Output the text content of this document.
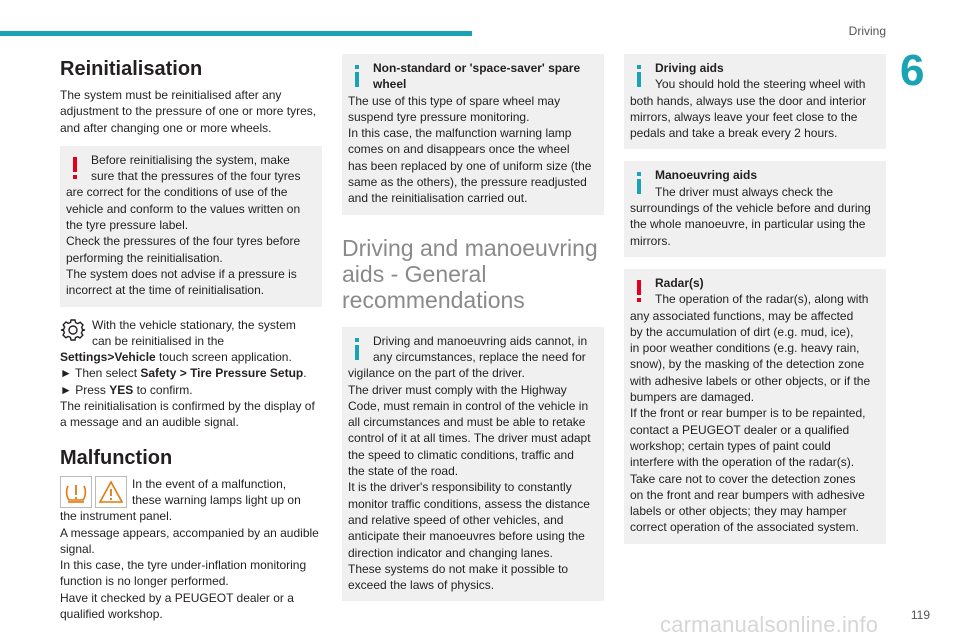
Driving
6
119
carmanualsonline.info
Reinitialisation
The system must be reinitialised after any
adjustment to the pressure of one or more tyres,
and after changing one or more wheels.
Before reinitialising the system, make
sure that the pressures of the four tyres
are correct for the conditions of use of the
vehicle and conform to the values written on
the tyre pressure label.
Check the pressures of the four tyres before
performing the reinitialisation.
The system does not advise if a pressure is
incorrect at the time of reinitialisation.
With the vehicle stationary, the system
can be reinitialised in the

Settings>Vehicle touch screen application.

► Then select Safety > Tire Pressure Setup.

► Press YES to confirm.

The reinitialisation is confirmed by the display of
a message and an audible signal.
Malfunction
In the event of a malfunction,
these warning lamps light up on
the instrument panel.
A message appears, accompanied by an audible
signal.
In this case, the tyre under-inflation monitoring
function is no longer performed.
Have it checked by a PEUGEOT dealer or a
qualified workshop.
Non-standard or 'space-saver' spare
wheel
The use of this type of spare wheel may
suspend tyre pressure monitoring.
In this case, the malfunction warning lamp
comes on and disappears once the wheel
has been replaced by one of uniform size (the
same as the others), the pressure readjusted
and the reinitialisation carried out.
Driving and manoeuvring
aids - General
recommendations
Driving and manoeuvring aids cannot, in
any circumstances, replace the need for
vigilance on the part of the driver.
The driver must comply with the Highway
Code, must remain in control of the vehicle in
all circumstances and must be able to retake
control of it at all times. The driver must adapt
the speed to climatic conditions, traffic and
the state of the road.
It is the driver's responsibility to constantly
monitor traffic conditions, assess the distance
and relative speed of other vehicles, and
anticipate their manoeuvres before using the
direction indicator and changing lanes.
These systems do not make it possible to
exceed the laws of physics.
Driving aids
You should hold the steering wheel with
both hands, always use the door and interior
mirrors, always leave your feet close to the
pedals and take a break every 2 hours.
Manoeuvring aids
The driver must always check the
surroundings of the vehicle before and during
the whole manoeuvre, in particular using the
mirrors.
Radar(s)
The operation of the radar(s), along with
any associated functions, may be affected
by the accumulation of dirt (e.g. mud, ice),
in poor weather conditions (e.g. heavy rain,
snow), by the masking of the detection zone
with adhesive labels or other objects, or if the
bumpers are damaged.
If the front or rear bumper is to be repainted,
contact a PEUGEOT dealer or a qualified
workshop; certain types of paint could
interfere with the operation of the radar(s).
Take care not to cover the detection zones
on the front and rear bumpers with adhesive
labels or other objects; they may hamper
correct operation of the associated system.
